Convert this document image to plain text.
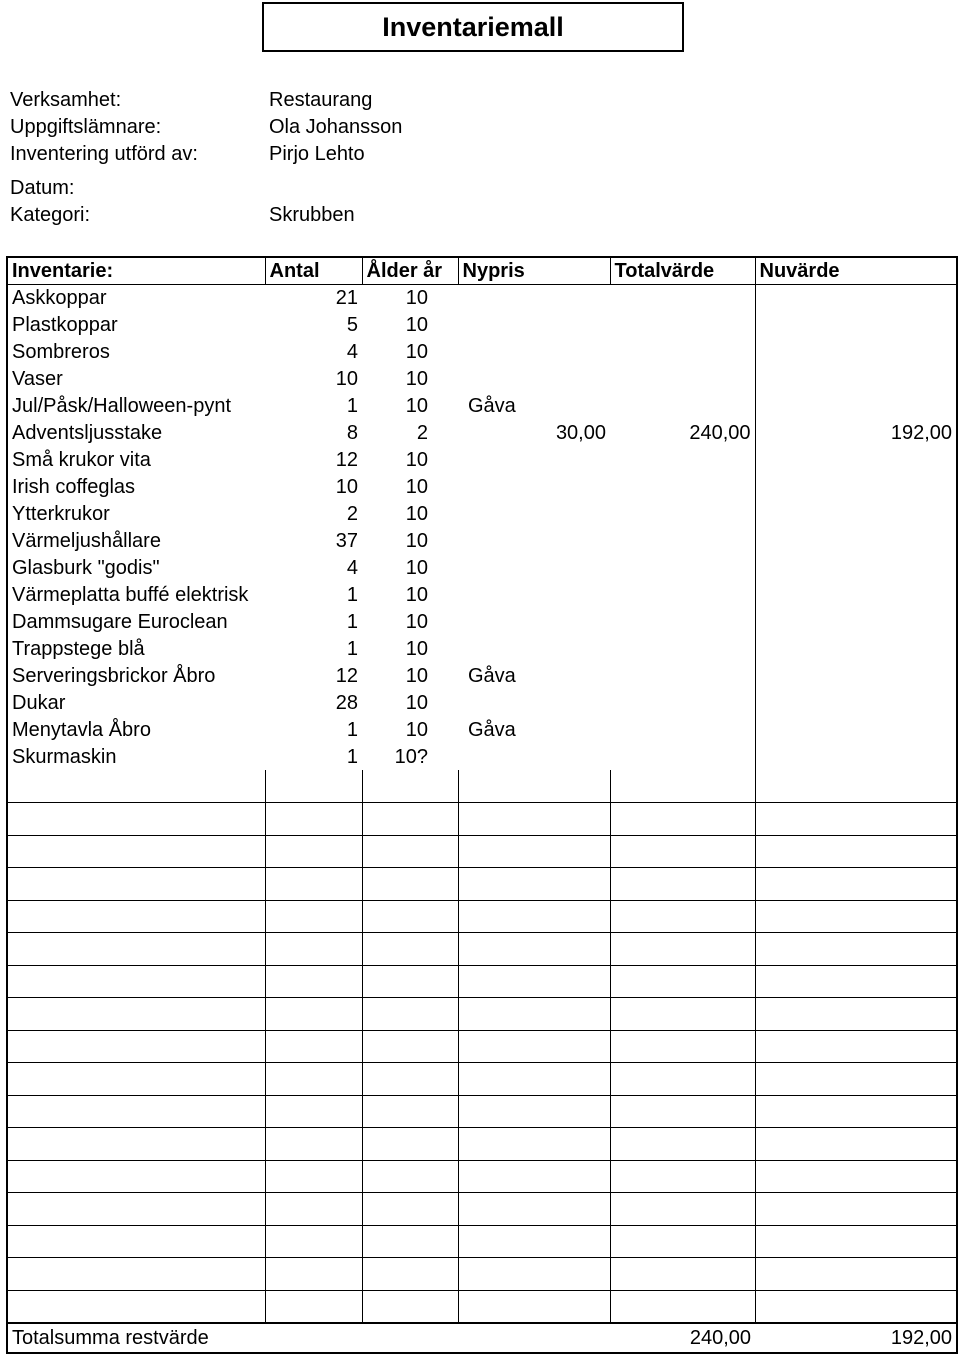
Inventariemall
Verksamhet:	Restaurang
Uppgiftslämnare:	Ola Johansson
Inventering utförd av:	Pirjo Lehto
Datum:
Kategori:	Skrubben
Inventarie:	Antal	Ålder år	Nypris	Totalvärde	Nuvärde
Askkoppar	21	10			
Plastkoppar	5	10			
Sombreros	4	10			
Vaser	10	10			
Jul/Påsk/Halloween-pynt	1	10	Gåva		
Adventsljusstake	8	2	30,00	240,00	192,00
Små krukor vita	12	10			
Irish coffeglas	10	10			
Ytterkrukor	2	10			
Värmeljushållare	37	10			
Glasburk "godis"	4	10			
Värmeplatta buffé elektrisk	1	10			
Dammsugare Euroclean	1	10			
Trappstege blå	1	10			
Serveringsbrickor Åbro	12	10	Gåva		
Dukar	28	10			
Menytavla Åbro	1	10	Gåva		
Skurmaskin	1	10?			

Totalsumma restvärde				240,00	192,00
